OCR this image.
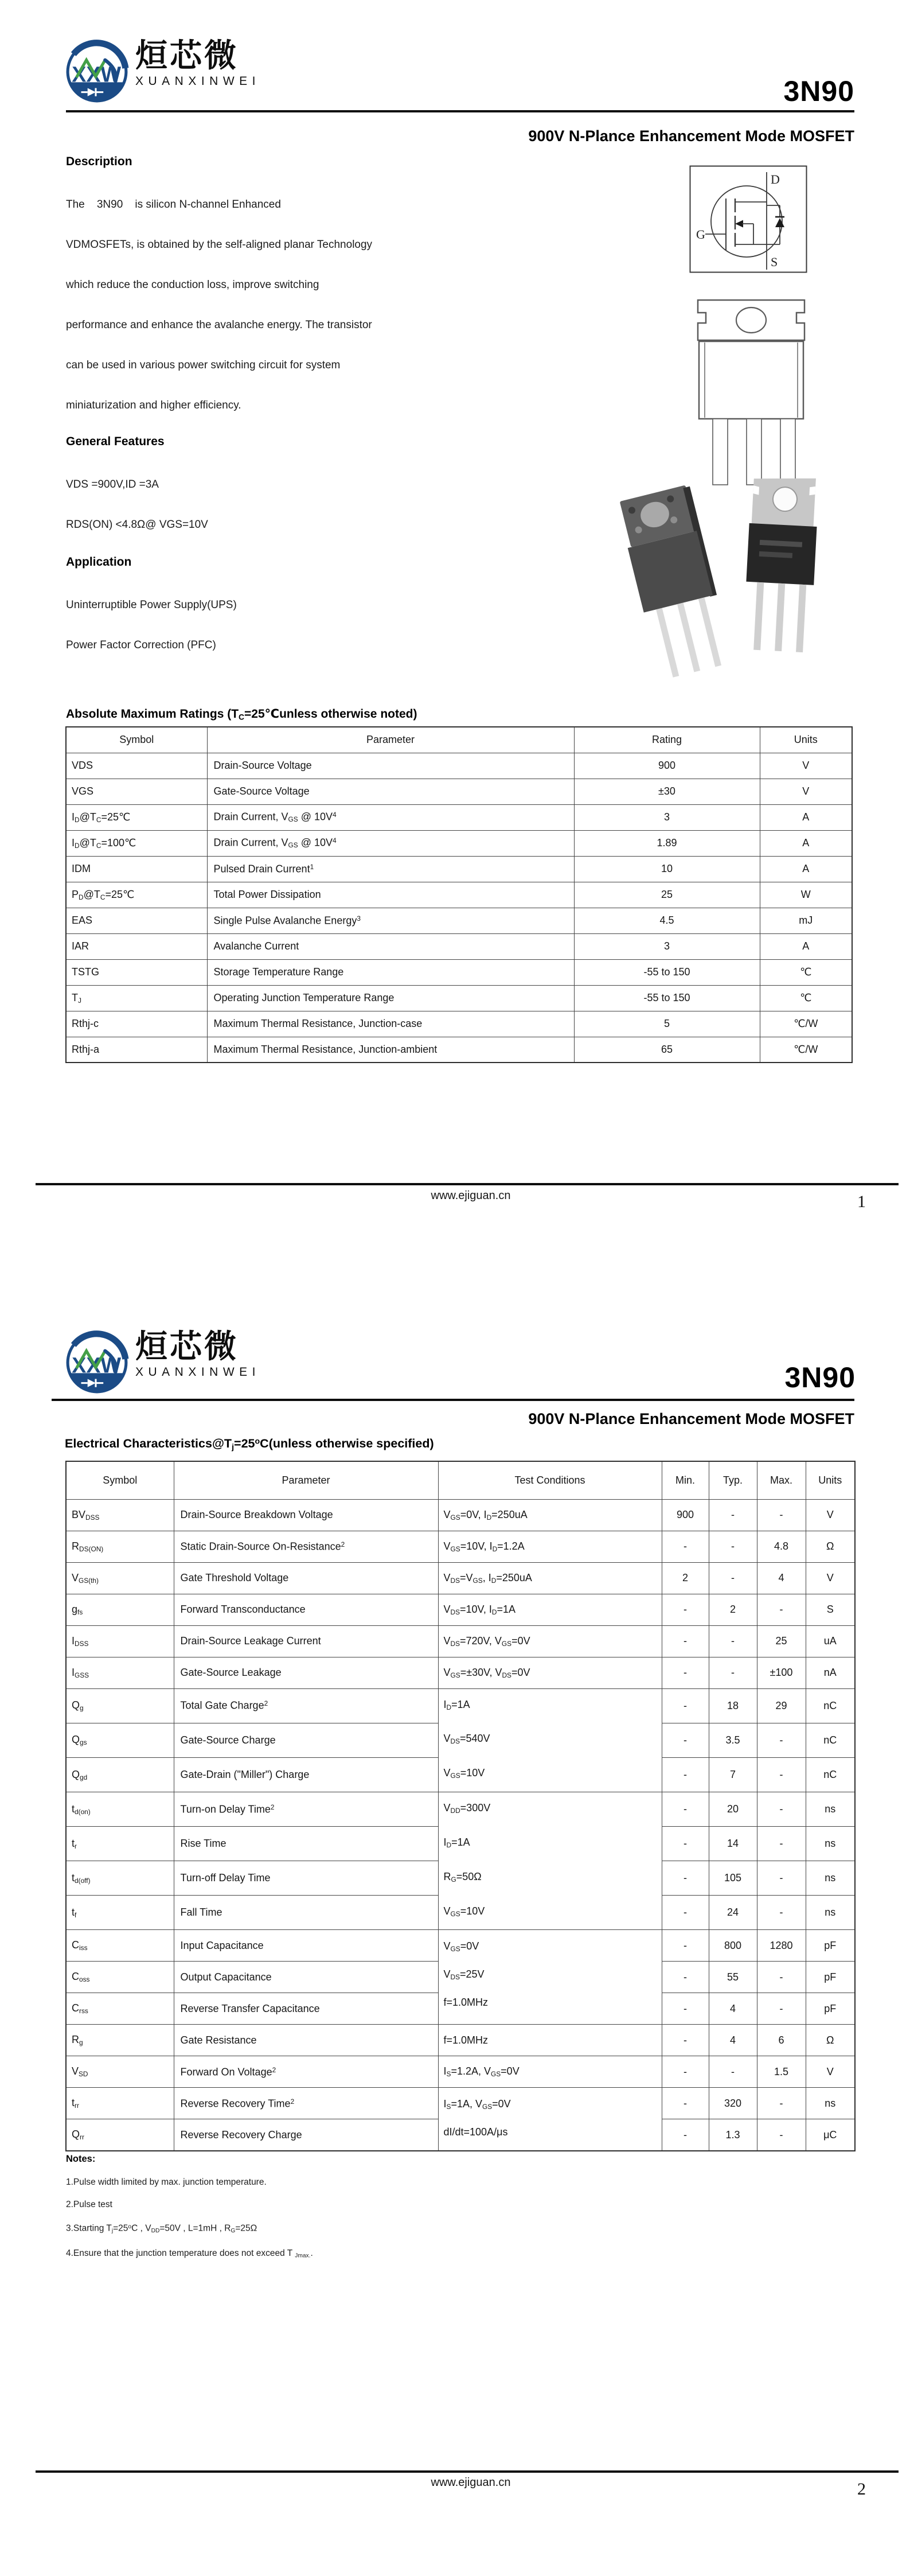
XXW 烜芯微
XUANXINWEI	3N90
900V N-Plance Enhancement Mode MOSFET
Description
The    3N90    is silicon N-channel Enhanced
VDMOSFETs, is obtained by the self-aligned planar Technology
which reduce the conduction loss, improve switching
performance and enhance the avalanche energy. The transistor
can be used in various power switching circuit for system
miniaturization and higher efficiency.
General Features
VDS =900V,ID =3A
RDS(ON) <4.8Ω@ VGS=10V
Application
Uninterruptible Power Supply(UPS)
Power Factor Correction (PFC)
D
S
G
Absolute Maximum Ratings ($T_C=25℃unless$ otherwise noted)
Symbol	Parameter	Rating	Units
VDS	Drain-Source Voltage	900	V
VGS	Gate-Source Voltage	±30	V
$I_D@T_C=25℃$	Drain Current, $V_{GS}$ @ $10V^4$	3	A
$I_D@T_C=100℃$	Drain Current, $V_{GS}$ @ $10V^4$	1.89	A
IDM	Pulsed Drain Current$^1$	10	A
$P_D@T_C=25℃$	Total Power Dissipation	25	W
EAS	Single Pulse Avalanche Energy$^3$	4.5	mJ
IAR	Avalanche Current	3	A
TSTG	Storage Temperature Range	-55 to 150	℃
$T_J$	Operating Junction Temperature Range	-55 to 150	℃
Rthj-c	Maximum Thermal Resistance, Junction-case	5	℃/W
Rthj-a	Maximum Thermal Resistance, Junction-ambient	65	℃/W
www.ejiguan.cn	1
XXW 烜芯微
XUANXINWEI	3N90
900V N-Plance Enhancement Mode MOSFET
Electrical $Characteristics@T_j=25^oC(unless$ otherwise specified)
Symbol	Parameter	Test Conditions	Min.	Typ.	Max.	Units
$BV_{DSS}$	Drain-Source Breakdown Voltage	$V_{GS}=0V$, $I_D=250uA$	900	-	-	V
$R_{DS(ON)}$	Static Drain-Source On-Resistance$^2$	$V_{GS}=10V$, $I_D=1.2A$	-	-	4.8	Ω
$V_{GS(th)}$	Gate Threshold Voltage	$V_{DS}=V_{GS}$, $I_D=250uA$	2	-	4	V
$g_{fs}$	Forward Transconductance	$V_{DS}=10V$, $I_D=1A$	-	2	-	S
$I_{DSS}$	Drain-Source Leakage Current	$V_{DS}=720V$, $V_{GS}=0V$	-	-	25	uA
$I_{GSS}$	Gate-Source Leakage	$V_{GS}=\pm 30V$, $V_{DS}=0V$	-	-	±100	nA
$Q_g$	Total Gate Charge$^2$	$I_D=1A$
$V_{DS}=540V$
$V_{GS}=10V$	-	18	29	nC
$Q_{gs}$	Gate-Source Charge		-	3.5	-	nC
$Q_{gd}$	Gate-Drain ("Miller") Charge		-	7	-	nC
$t_{d(on)}$	Turn-on Delay Time$^2$	$V_{DD}=300V$
$I_D=1A$
$R_G=50\Omega$
$V_{GS}=10V$	-	20	-	ns
$t_r$	Rise Time		-	14	-	ns
$t_{d(off)}$	Turn-off Delay Time		-	105	-	ns
$t_f$	Fall Time		-	24	-	ns
$C_{iss}$	Input Capacitance	$V_{GS}=0V$
$V_{DS}=25V$
f=1.0MHz	-	800	1280	pF
$C_{oss}$	Output Capacitance		-	55	-	pF
$C_{rss}$	Reverse Transfer Capacitance		-	4	-	pF
$R_g$	Gate Resistance	f=1.0MHz	-	4	6	Ω
$V_{SD}$	Forward On Voltage$^2$	$I_S=1.2A$, $V_{GS}=0V$	-	-	1.5	V
$t_{rr}$	Reverse Recovery Time$^2$	$I_S=1A$, $V_{GS}=0V$
dI/dt=100A/μs	-	320	-	ns
$Q_{rr}$	Reverse Recovery Charge		-	1.3	-	μC
Notes:
1.Pulse width limited by max. junction temperature.
2.Pulse test
3.Starting $T_j=25^oC$ , $V_{DD}=50V$ , L=1mH , $R_G=25\Omega$
4.Ensure that the junction temperature does not exceed T $_{Jmax.}$.
www.ejiguan.cn	2
